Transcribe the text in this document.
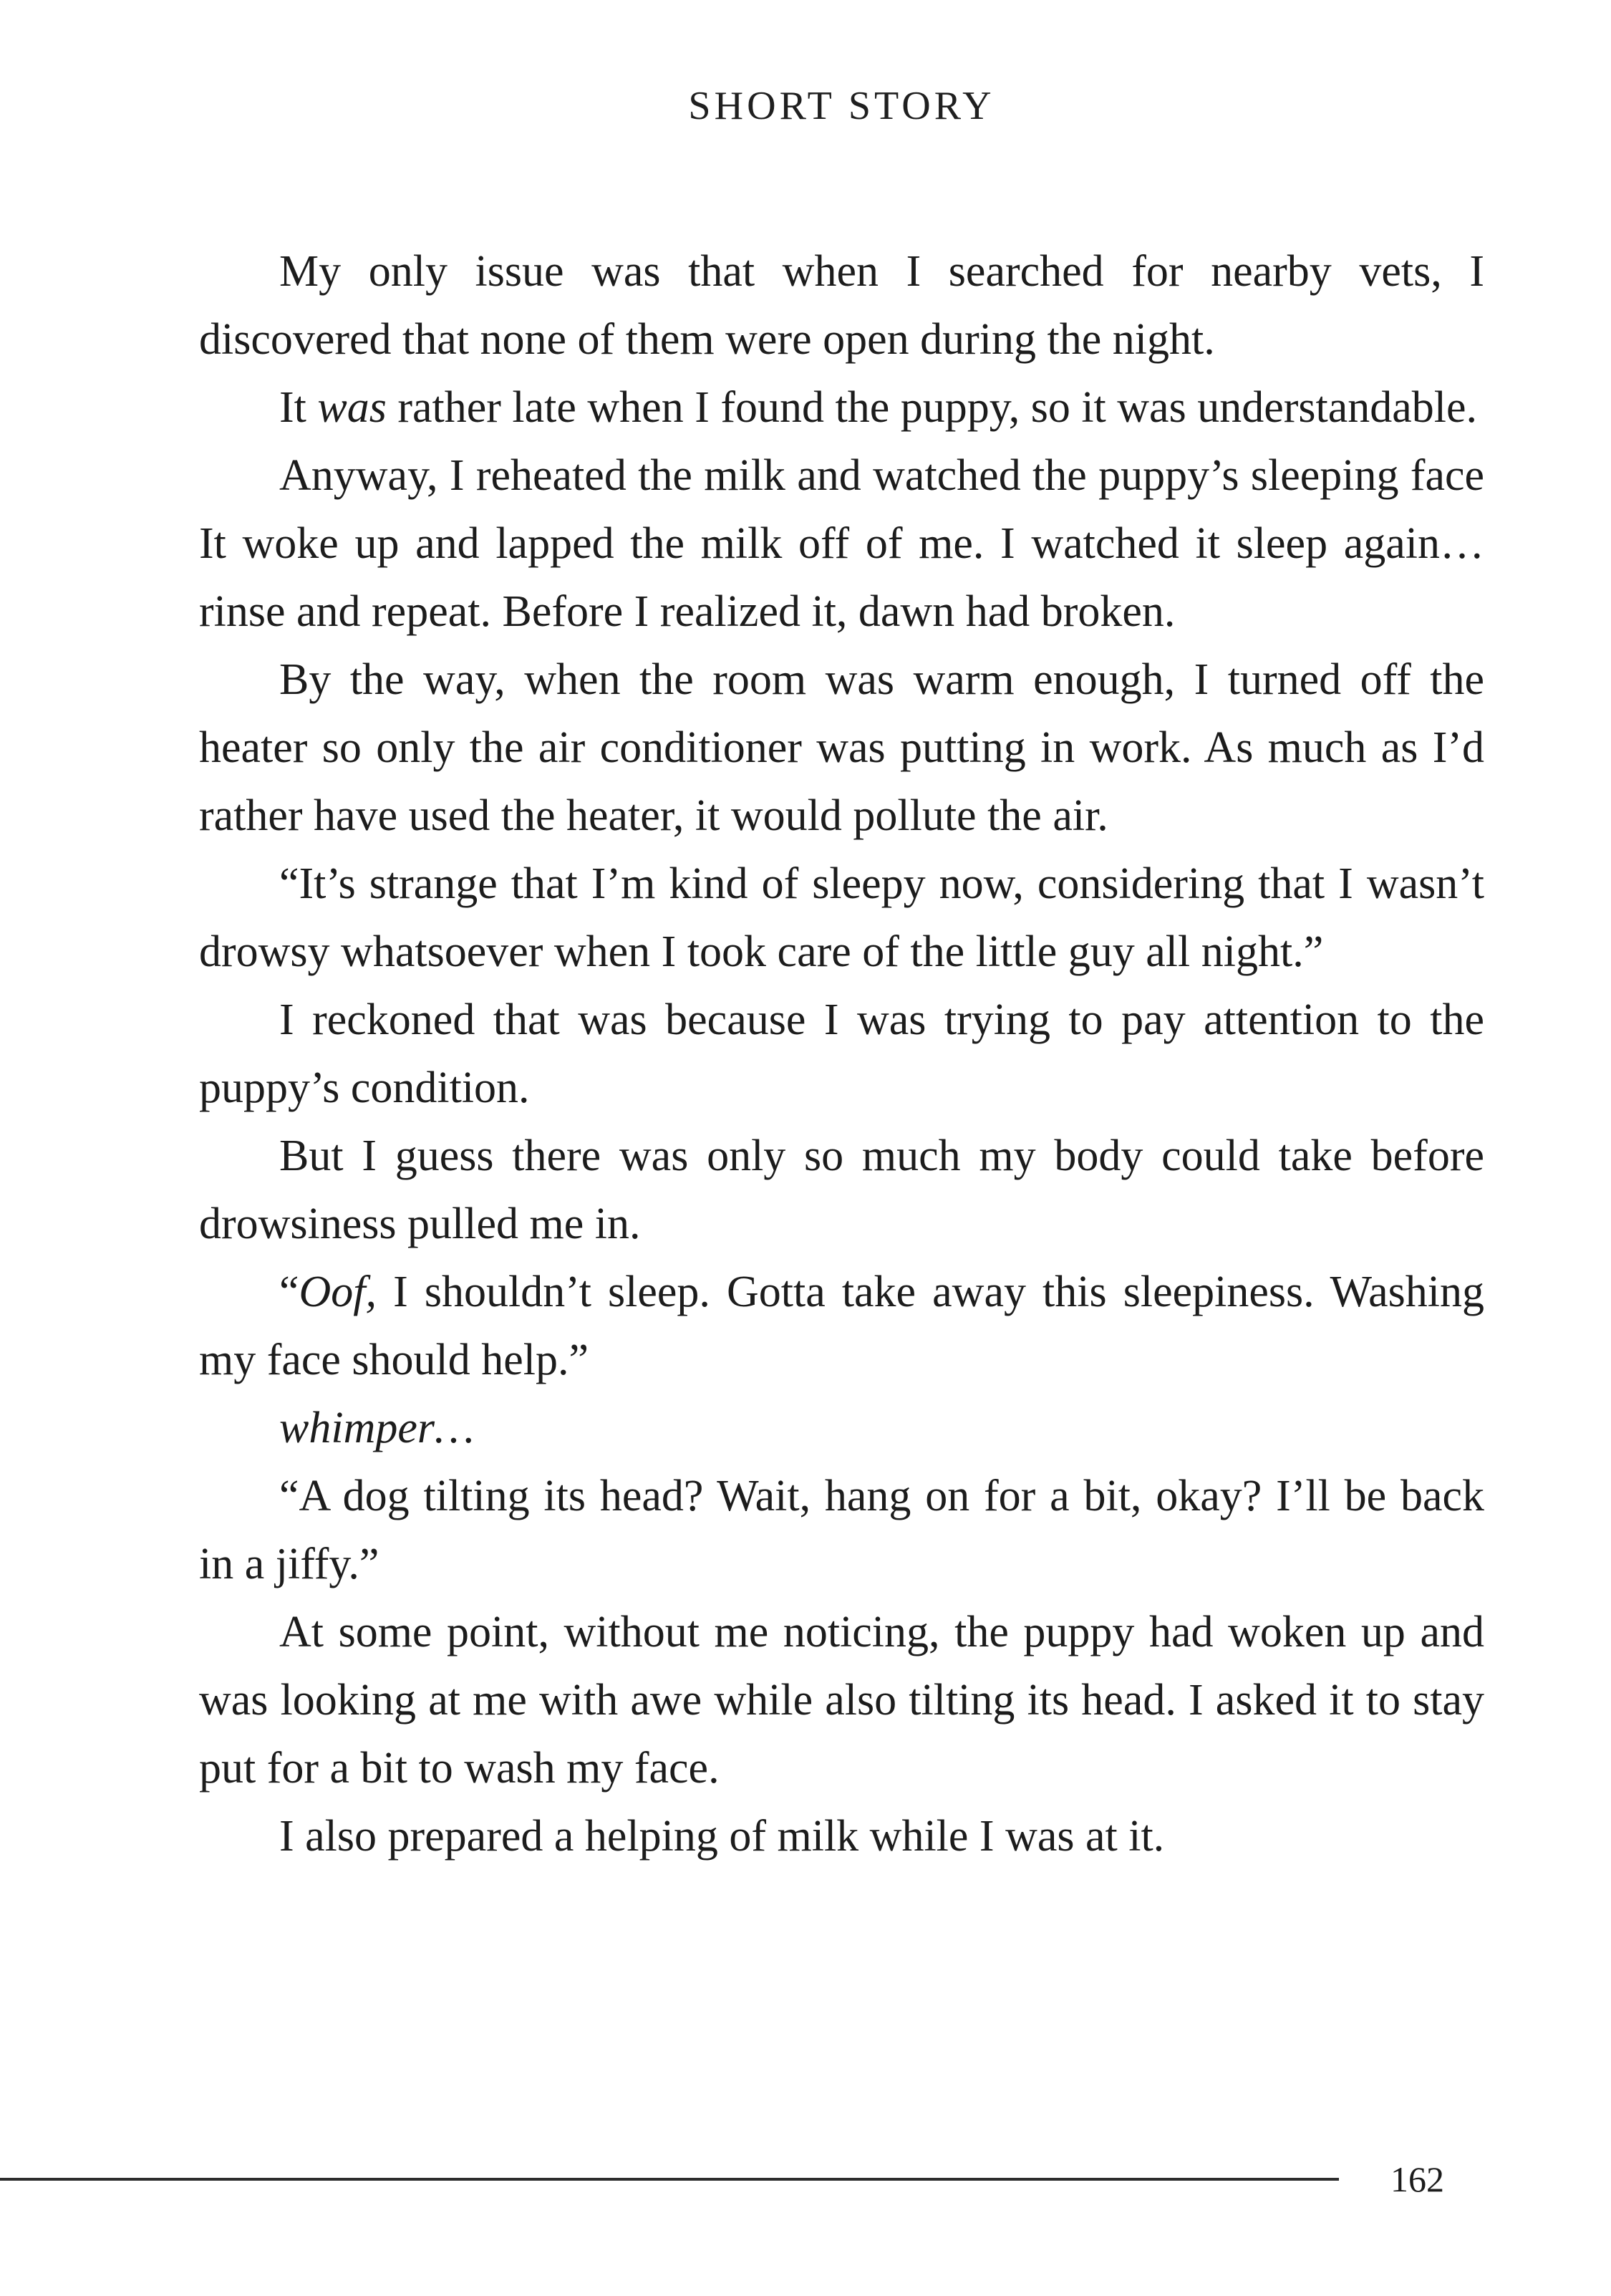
SHORT STORY

My only issue was that when I searched for nearby vets, I discovered that none of them were open during the night.

It was rather late when I found the puppy, so it was understandable.

Anyway, I reheated the milk and watched the puppy’s sleeping face It woke up and lapped the milk off of me. I watched it sleep again…rinse and repeat. Before I realized it, dawn had broken.

By the way, when the room was warm enough, I turned off the heater so only the air conditioner was putting in work. As much as I’d rather have used the heater, it would pollute the air.

“It’s strange that I’m kind of sleepy now, considering that I wasn’t drowsy whatsoever when I took care of the little guy all night.”

I reckoned that was because I was trying to pay attention to the puppy’s condition.

But I guess there was only so much my body could take before drowsiness pulled me in.

“Oof, I shouldn’t sleep. Gotta take away this sleepiness. Washing my face should help.”

whimper…

“A dog tilting its head? Wait, hang on for a bit, okay? I’ll be back in a jiffy.”

At some point, without me noticing, the puppy had woken up and was looking at me with awe while also tilting its head. I asked it to stay put for a bit to wash my face.

I also prepared a helping of milk while I was at it.

162
